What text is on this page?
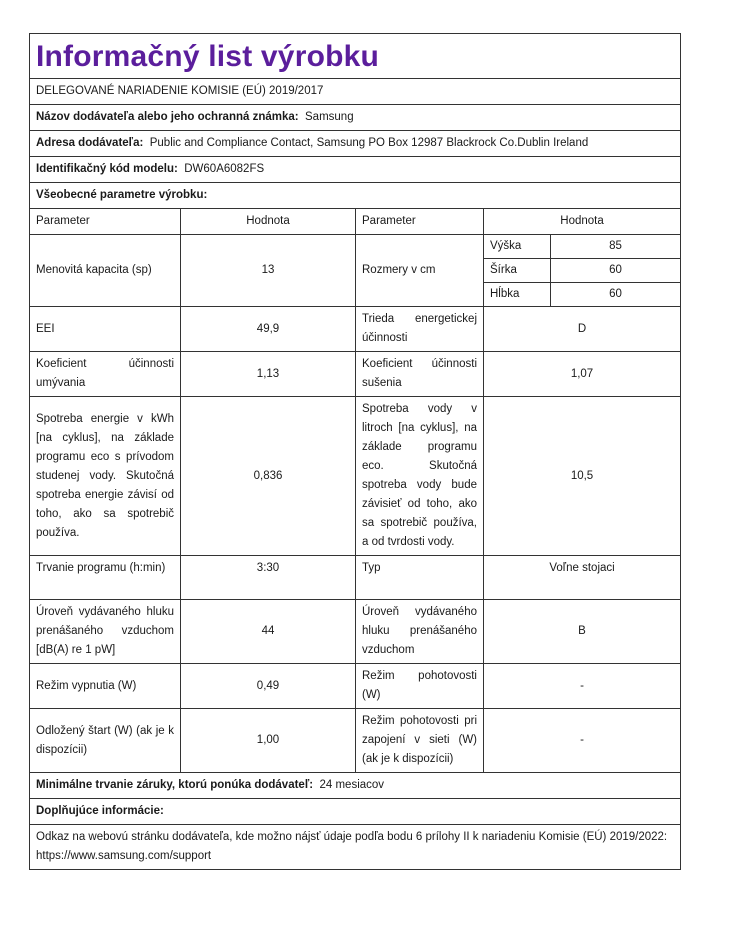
Informačný list výrobku

DELEGOVANÉ NARIADENIE KOMISIE (EÚ) 2019/2017
Názov dodávateľa alebo jeho ochranná známka: Samsung
Adresa dodávateľa: Public and Compliance Contact, Samsung PO Box 12987 Blackrock Co.Dublin Ireland
Identifikačný kód modelu: DW60A6082FS
Všeobecné parametre výrobku:
Parameter	Hodnota	Parameter	Hodnota
Menovitá kapacita (sp)	13	Rozmery v cm	
Výška	85
Šírka	60
Hĺbka	60

EEI	49,9	Trieda energetickej účinnosti	D
Koeficient účinnosti umývania	1,13	Koeficient účinnosti sušenia	1,07
Spotreba energie v kWh [na cyklus], na základe programu eco s prívodom studenej vody. Skutočná spotreba energie závisí od toho, ako sa spotrebič používa.	0,836	Spotreba vody v litroch [na cyklus], na základe programu eco. Skutočná spotreba vody bude závisieť od toho, ako sa spotrebič používa, a od tvrdosti vody.	10,5
Trvanie programu (h:min)	3:30	Typ	Voľne stojaci
Úroveň vydávaného hluku prenášaného vzduchom [dB(A) re 1 pW]	44	Úroveň vydávaného hluku prenášaného vzduchom	B
Režim vypnutia (W)	0,49	Režim pohotovosti (W)	-
Odložený štart (W) (ak je k dispozícii)	1,00	Režim pohotovosti pri zapojení v sieti (W) (ak je k dispozícii)	-
Minimálne trvanie záruky, ktorú ponúka dodávateľ: 24 mesiacov
Doplňujúce informácie:
Odkaz na webovú stránku dodávateľa, kde možno nájsť údaje podľa bodu 6 prílohy II k nariadeniu Komisie (EÚ) 2019/2022: https://www.samsung.com/support
